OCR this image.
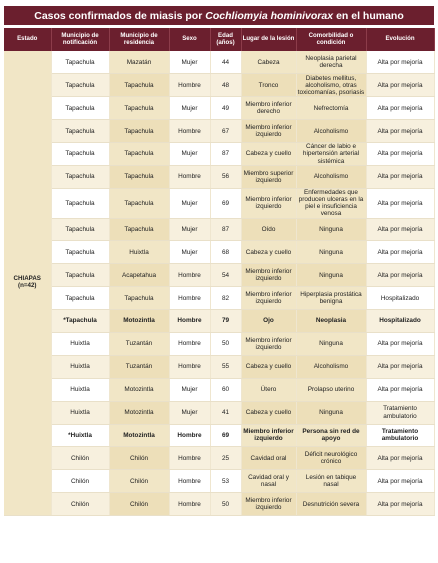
Casos confirmados de miasis por Cochliomyia hominivorax en el humano
Estado	Municipio de notificación	Municipio de residencia	Sexo	Edad (años)	Lugar de la lesión	Comorbilidad o condición	Evolución

CHIAPAS
(n=42)	Tapachula	Mazatán	Mujer	44	Cabeza	Neoplasia parietal derecha	Alta por mejoría
	Tapachula	Tapachula	Hombre	48	Tronco	Diabetes mellitus, alcoholismo, otras toxicomanías, psoriasis	Alta por mejoría
	Tapachula	Tapachula	Mujer	49	Miembro inferior derecho	Nefrectomía	Alta por mejoría
	Tapachula	Tapachula	Hombre	67	Miembro inferior izquierdo	Alcoholismo	Alta por mejoría
	Tapachula	Tapachula	Mujer	87	Cabeza y cuello	Cáncer de labio e hipertensión arterial sistémica	Alta por mejoría
	Tapachula	Tapachula	Hombre	56	Miembro superior izquierdo	Alcoholismo	Alta por mejoría
	Tapachula	Tapachula	Mujer	69	Miembro inferior izquierdo	Enfermedades que producen ulceras en la piel e insuficiencia venosa	Alta por mejoría
	Tapachula	Tapachula	Mujer	87	Oído	Ninguna	Alta por mejoría
	Tapachula	Huixtla	Mujer	68	Cabeza y cuello	Ninguna	Alta por mejoría
	Tapachula	Acapetahua	Hombre	54	Miembro inferior izquierdo	Ninguna	Alta por mejoría
	Tapachula	Tapachula	Hombre	82	Miembro inferior izquierdo	Hiperplasia prostática benigna	Hospitalizado
	*Tapachula	Motozintla	Hombre	79	Ojo	Neoplasia	Hospitalizado
	Huixtla	Tuzantán	Hombre	50	Miembro inferior izquierdo	Ninguna	Alta por mejoría
	Huixtla	Tuzantán	Hombre	55	Cabeza y cuello	Alcoholismo	Alta por mejoría
	Huixtla	Motozintla	Mujer	60	Útero	Prolapso uterino	Alta por mejoría
	Huixtla	Motozintla	Mujer	41	Cabeza y cuello	Ninguna	Tratamiento ambulatorio
	*Huixtla	Motozintla	Hombre	69	Miembro inferior izquierdo	Persona sin red de apoyo	Tratamiento ambulatorio
	Chilón	Chilón	Hombre	25	Cavidad oral	Déficit neurológico crónico	Alta por mejoría
	Chilón	Chilón	Hombre	53	Cavidad oral y nasal	Lesión en tabique nasal	Alta por mejoría
	Chilón	Chilón	Hombre	50	Miembro inferior izquierdo	Desnutrición severa	Alta por mejoría
